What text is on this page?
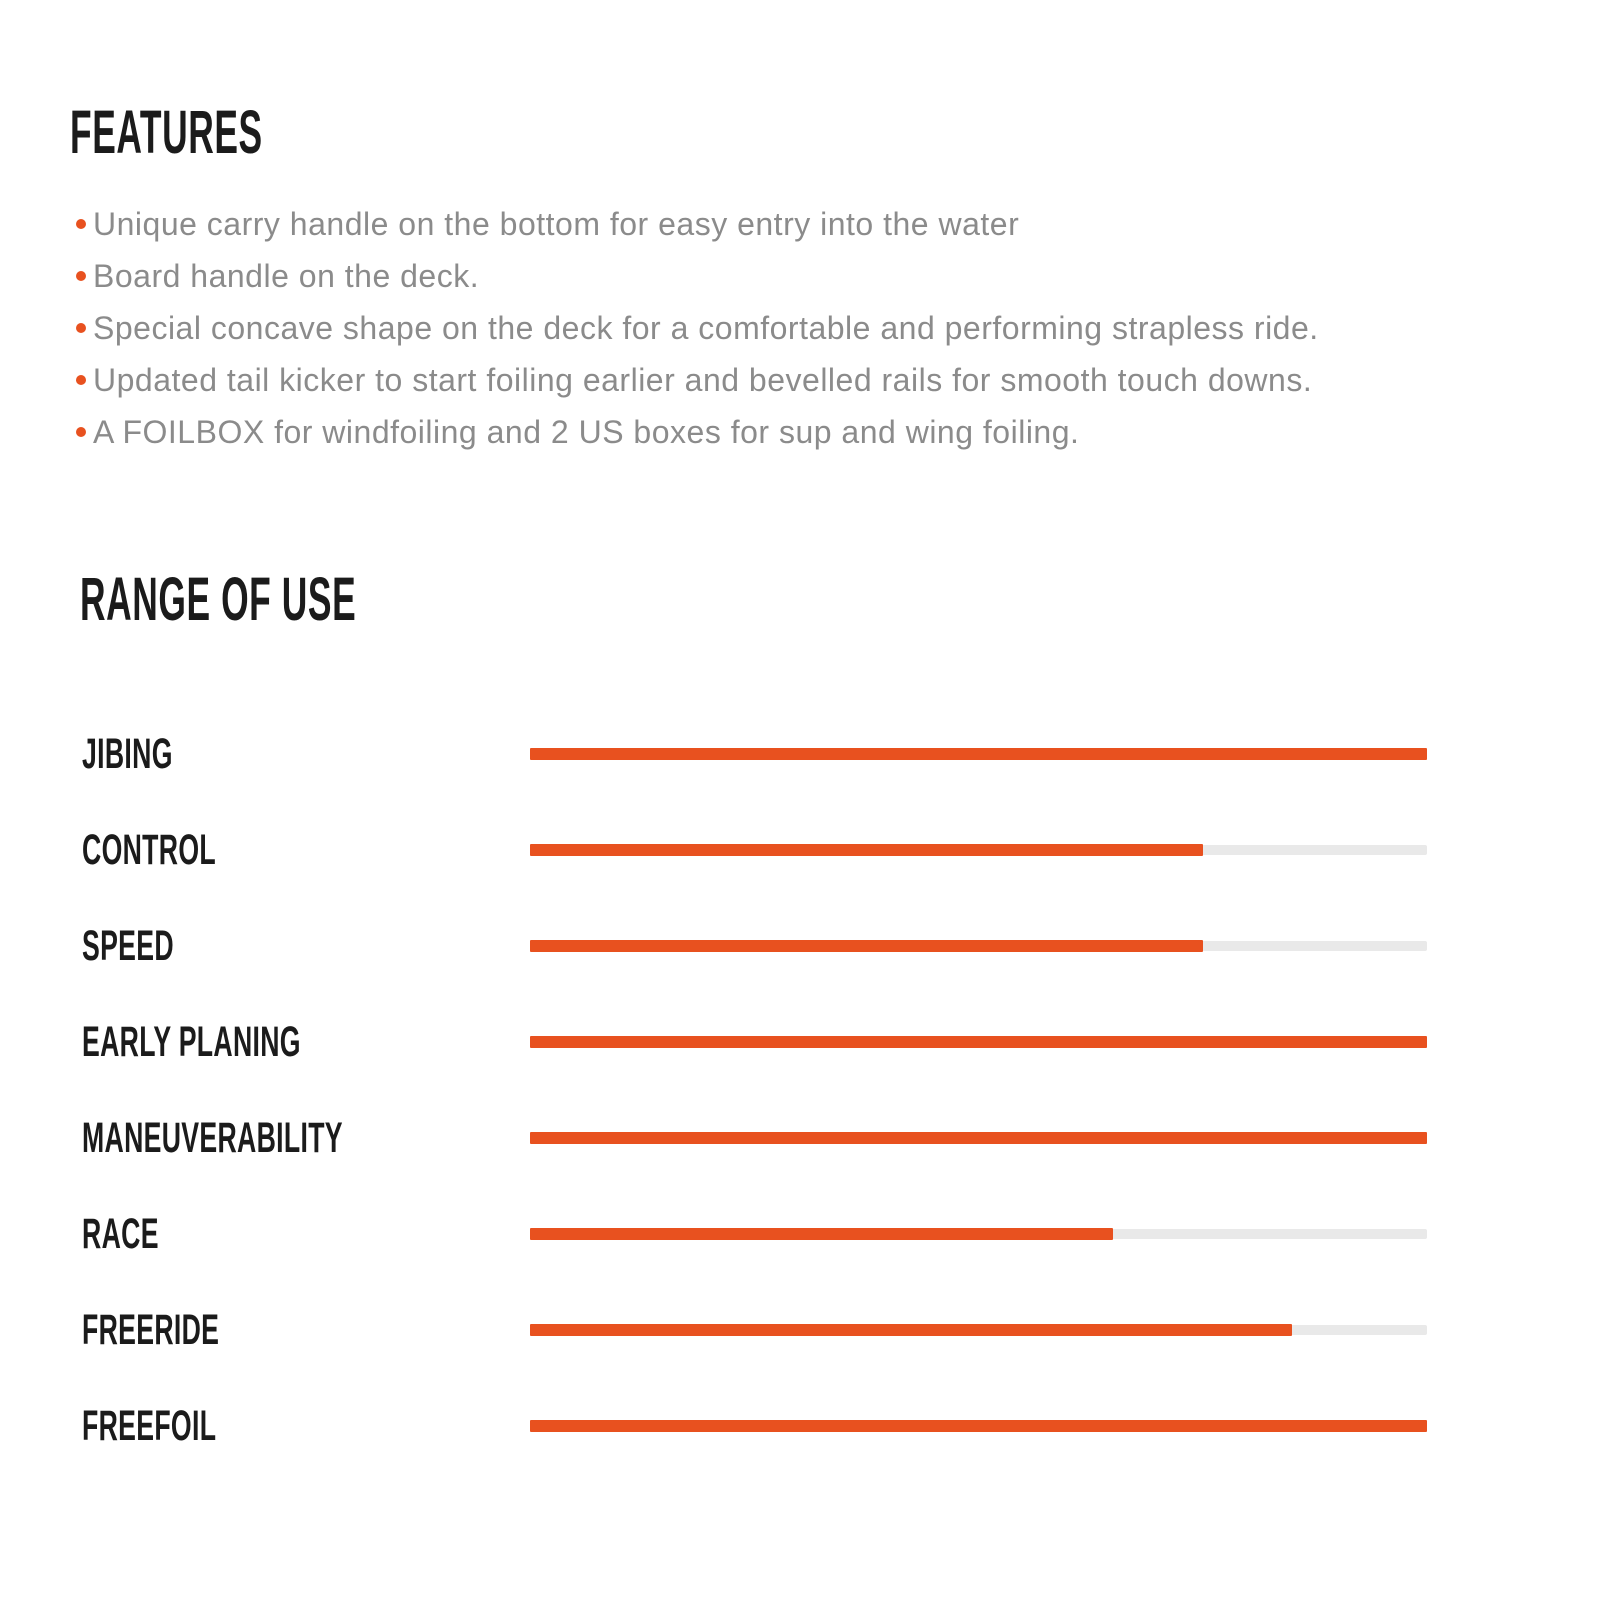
FEATURES
Unique carry handle on the bottom for easy entry into the water
Board handle on the deck.
Special concave shape on the deck for a comfortable and performing strapless ride.
Updated tail kicker to start foiling earlier and bevelled rails for smooth touch downs.
A FOILBOX for windfoiling and 2 US boxes for sup and wing foiling.
RANGE OF USE
JIBING
CONTROL
SPEED
EARLY PLANING
MANEUVERABILITY
RACE
FREERIDE
FREEFOIL
